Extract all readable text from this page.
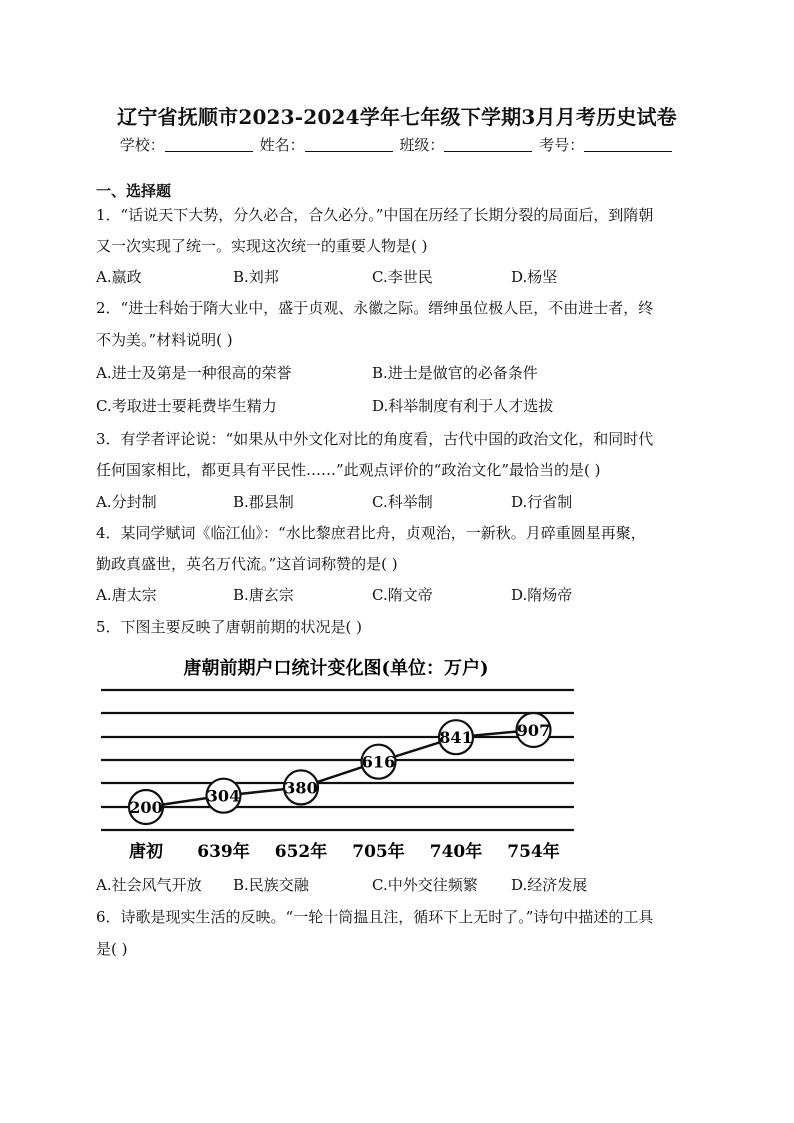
辽宁省抚顺市2023-2024学年七年级下学期3月月考历史试卷
学校：	姓名：	班级：	考号：
一、选择题
1．“话说天下大势，分久必合，合久必分。”中国在历经了长期分裂的局面后，到隋朝
又一次实现了统一。实现这次统一的重要人物是( )
A.嬴政	B.刘邦	C.李世民	D.杨坚
2．“进士科始于隋大业中，盛于贞观、永徽之际。缙绅虽位极人臣，不由进士者，终
不为美。”材料说明( )
A.进士及第是一种很高的荣誉	B.进士是做官的必备条件
C.考取进士要耗费毕生精力	D.科举制度有利于人才选拔
3．有学者评论说：“如果从中外文化对比的角度看，古代中国的政治文化，和同时代
任何国家相比，都更具有平民性……”此观点评价的“政治文化”最恰当的是( )
A.分封制	B.郡县制	C.科举制	D.行省制
4．某同学赋词《临江仙》：“水比黎庶君比舟，贞观治，一新秋。月碎重圆星再聚，
勤政真盛世，英名万代流。”这首词称赞的是( )
A.唐太宗	B.唐玄宗	C.隋文帝	D.隋炀帝
5．下图主要反映了唐朝前期的状况是( )
唐朝前期户口统计变化图(单位：万户)
200
304	380
616
841	907
唐初 639年 652年 705年 740年 754年
A.社会风气开放 B.民族交融	C.中外交往频繁 D.经济发展
6．诗歌是现实生活的反映。“一轮十筒揾且注，循环下上无时了。”诗句中描述的工具
是( )
